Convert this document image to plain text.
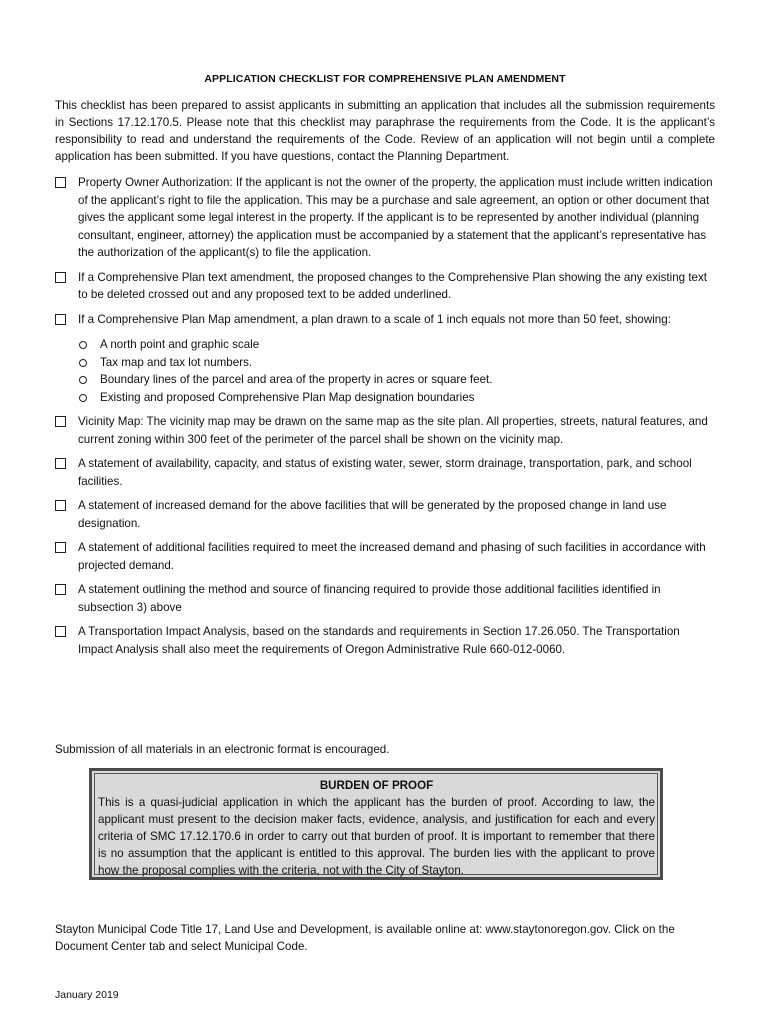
APPLICATION CHECKLIST FOR COMPREHENSIVE PLAN AMENDMENT

This checklist has been prepared to assist applicants in submitting an application that includes all the submission requirements in Sections 17.12.170.5. Please note that this checklist may paraphrase the requirements from the Code. It is the applicant’s responsibility to read and understand the requirements of the Code. Review of an application will not begin until a complete application has been submitted. If you have questions, contact the Planning Department.

Property Owner Authorization: If the applicant is not the owner of the property, the application must include written indication of the applicant’s right to file the application. This may be a purchase and sale agreement, an option or other document that gives the applicant some legal interest in the property. If the applicant is to be represented by another individual (planning consultant, engineer, attorney) the application must be accompanied by a statement that the applicant’s representative has the authorization of the applicant(s) to file the application.
If a Comprehensive Plan text amendment, the proposed changes to the Comprehensive Plan showing the any existing text to be deleted crossed out and any proposed text to be added underlined.
If a Comprehensive Plan Map amendment, a plan drawn to a scale of 1 inch equals not more than 50 feet, showing:
A north point and graphic scale
Tax map and tax lot numbers.
Boundary lines of the parcel and area of the property in acres or square feet.
Existing and proposed Comprehensive Plan Map designation boundaries
Vicinity Map: The vicinity map may be drawn on the same map as the site plan. All properties, streets, natural features, and current zoning within 300 feet of the perimeter of the parcel shall be shown on the vicinity map.
A statement of availability, capacity, and status of existing water, sewer, storm drainage, transportation, park, and school facilities.
A statement of increased demand for the above facilities that will be generated by the proposed change in land use designation.
A statement of additional facilities required to meet the increased demand and phasing of such facilities in accordance with projected demand.
A statement outlining the method and source of financing required to provide those additional facilities identified in subsection 3) above
A Transportation Impact Analysis, based on the standards and requirements in Section 17.26.050. The Transportation Impact Analysis shall also meet the requirements of Oregon Administrative Rule 660-012-0060.

Submission of all materials in an electronic format is encouraged.

BURDEN OF PROOF

This is a quasi-judicial application in which the applicant has the burden of proof. According to law, the applicant must present to the decision maker facts, evidence, analysis, and justification for each and every criteria of SMC 17.12.170.6 in order to carry out that burden of proof. It is important to remember that there is no assumption that the applicant is entitled to this approval. The burden lies with the applicant to prove how the proposal complies with the criteria, not with the City of Stayton.

Stayton Municipal Code Title 17, Land Use and Development, is available online at: www.staytonoregon.gov. Click on the Document Center tab and select Municipal Code.

January 2019
